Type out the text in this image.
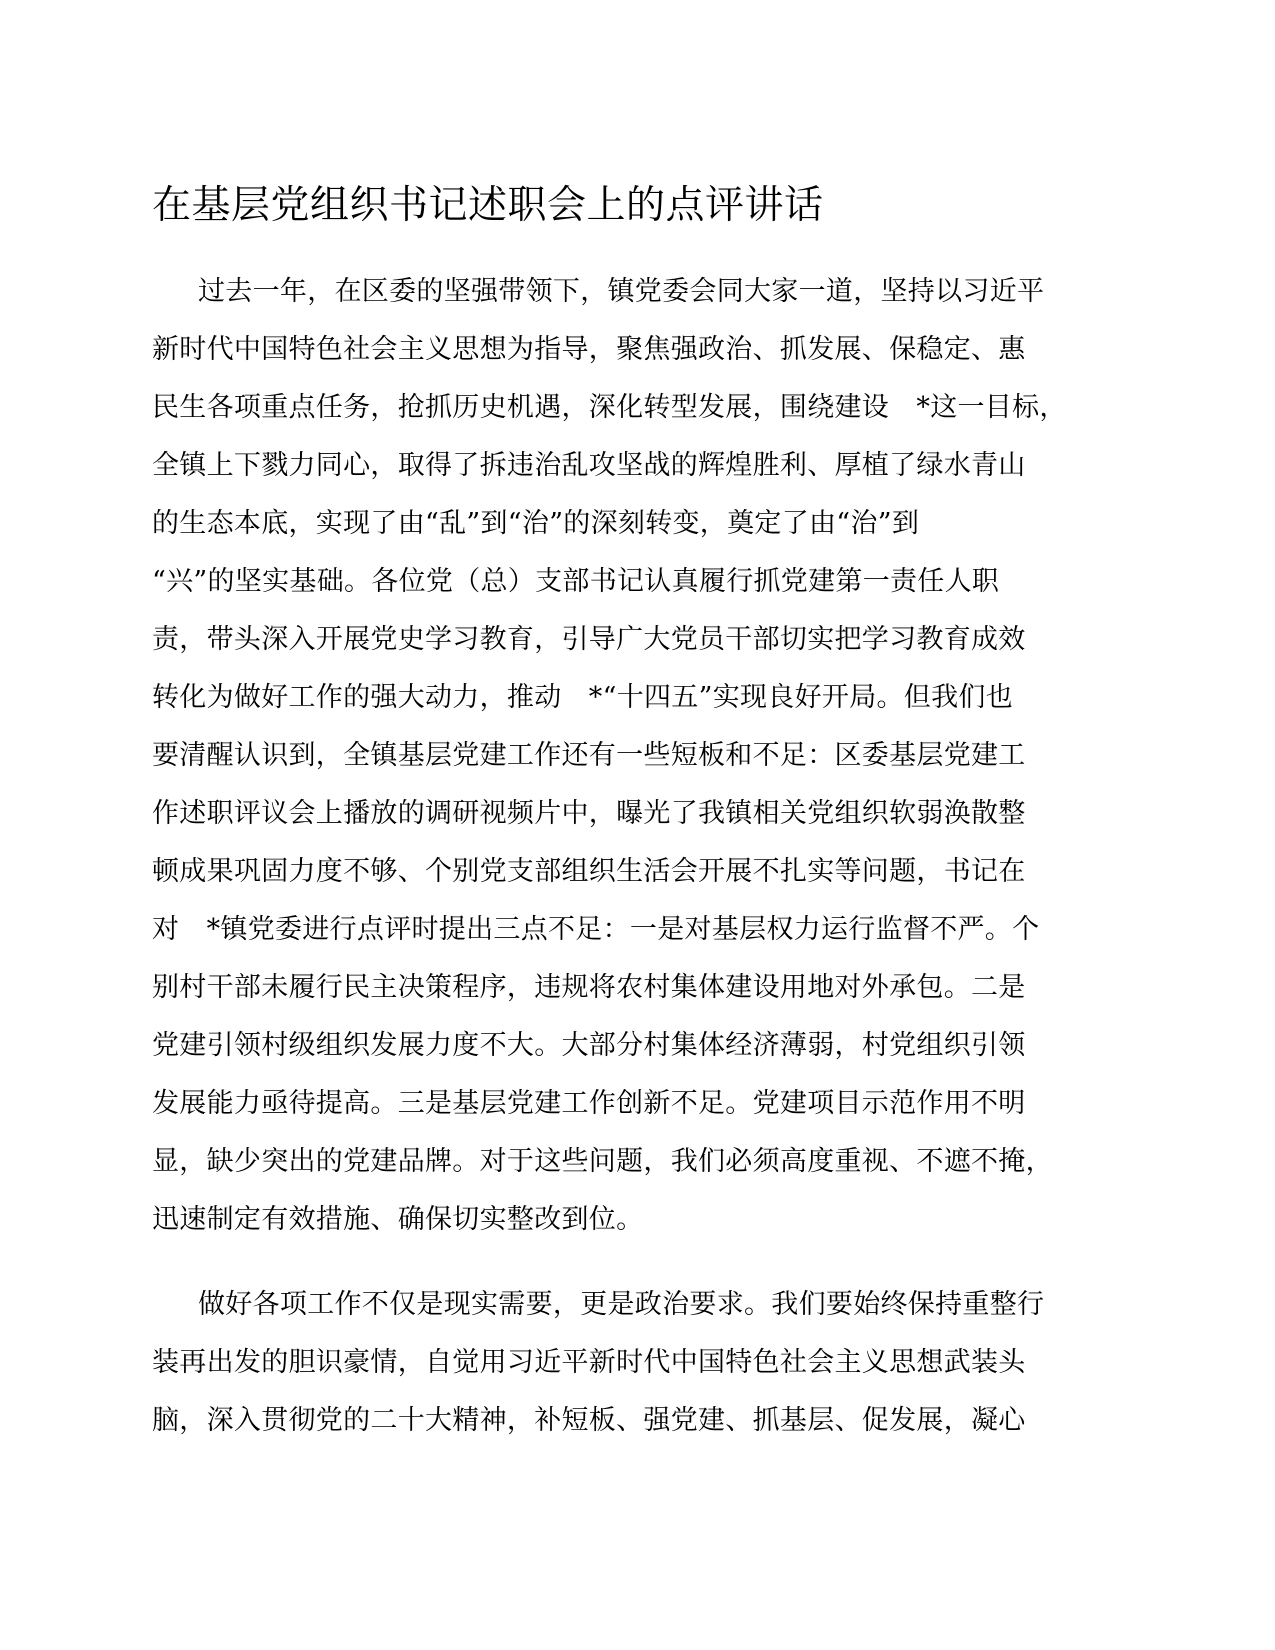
在基层党组织书记述职会上的点评讲话
过去一年，在区委的坚强带领下，镇党委会同大家一道，坚持以习近平
新时代中国特色社会主义思想为指导，聚焦强政治、抓发展、保稳定、惠
民生各项重点任务，抢抓历史机遇，深化转型发展，围绕建设　*这一目标，
全镇上下戮力同心，取得了拆违治乱攻坚战的辉煌胜利、厚植了绿水青山
的生态本底，实现了由“乱”到“治”的深刻转变，奠定了由“治”到
“兴”的坚实基础。各位党（总）支部书记认真履行抓党建第一责任人职
责，带头深入开展党史学习教育，引导广大党员干部切实把学习教育成效
转化为做好工作的强大动力，推动　*“十四五”实现良好开局。但我们也
要清醒认识到，全镇基层党建工作还有一些短板和不足：区委基层党建工
作述职评议会上播放的调研视频片中，曝光了我镇相关党组织软弱涣散整
顿成果巩固力度不够、个别党支部组织生活会开展不扎实等问题，书记在
对　*镇党委进行点评时提出三点不足：一是对基层权力运行监督不严。个
别村干部未履行民主决策程序，违规将农村集体建设用地对外承包。二是
党建引领村级组织发展力度不大。大部分村集体经济薄弱，村党组织引领
发展能力亟待提高。三是基层党建工作创新不足。党建项目示范作用不明
显，缺少突出的党建品牌。对于这些问题，我们必须高度重视、不遮不掩，
迅速制定有效措施、确保切实整改到位。
做好各项工作不仅是现实需要，更是政治要求。我们要始终保持重整行
装再出发的胆识豪情，自觉用习近平新时代中国特色社会主义思想武装头
脑，深入贯彻党的二十大精神，补短板、强党建、抓基层、促发展，凝心
